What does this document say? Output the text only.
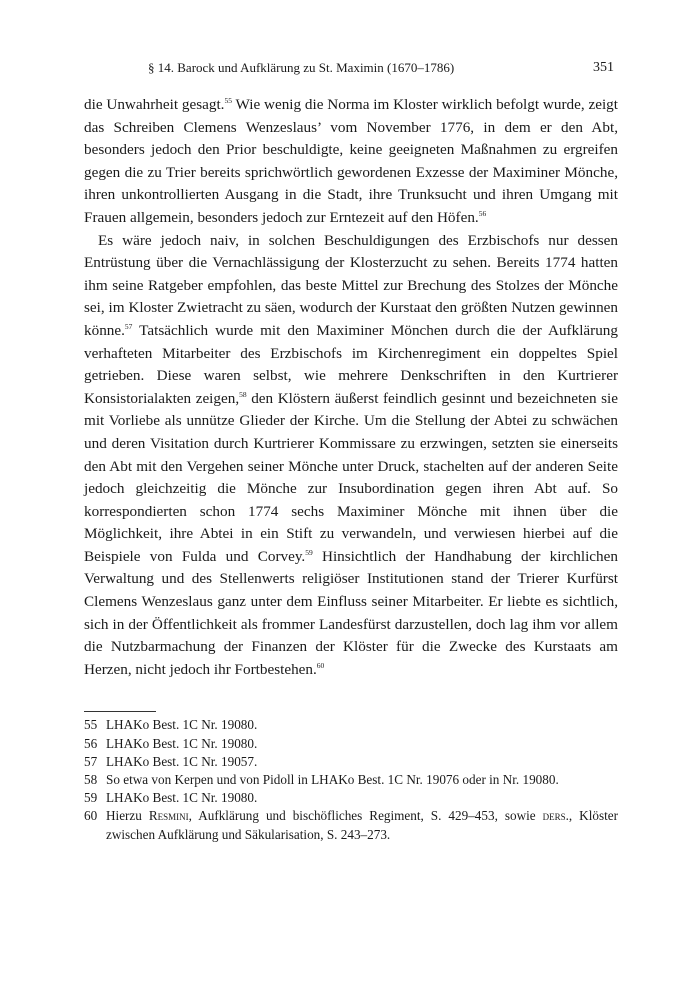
§ 14. Barock und Aufklärung zu St. Maximin (1670–1786)	351

die Unwahrheit gesagt.$^{55}$ Wie wenig die Norma im Kloster wirklich befolgt wurde, zeigt das Schreiben Clemens Wenzeslaus’ vom November 1776, in dem er den Abt, besonders jedoch den Prior beschuldigte, keine geeigneten Maßnahmen zu ergreifen gegen die zu Trier bereits sprichwörtlich gewordenen Exzesse der Maximiner Mönche, ihren unkontrollierten Ausgang in die Stadt, ihre Trunksucht und ihren Umgang mit Frauen allgemein, besonders jedoch zur Erntezeit auf den Höfen.$^{56}$

Es wäre jedoch naiv, in solchen Beschuldigungen des Erzbischofs nur dessen Entrüstung über die Vernachlässigung der Klosterzucht zu sehen. Bereits 1774 hatten ihm seine Ratgeber empfohlen, das beste Mittel zur Brechung des Stolzes der Mönche sei, im Kloster Zwietracht zu säen, wodurch der Kurstaat den größten Nutzen gewinnen könne.$^{57}$ Tatsächlich wurde mit den Maximiner Mönchen durch die der Aufklärung verhafteten Mitarbeiter des Erzbischofs im Kirchenregiment ein doppeltes Spiel getrieben. Diese waren selbst, wie mehrere Denkschriften in den Kurtrierer Konsistorialakten zeigen,$^{58}$ den Klöstern äußerst feindlich gesinnt und bezeichneten sie mit Vorliebe als unnütze Glieder der Kirche. Um die Stellung der Abtei zu schwächen und deren Visitation durch Kurtrierer Kommissare zu erzwingen, setzten sie einerseits den Abt mit den Vergehen seiner Mönche unter Druck, stachelten auf der anderen Seite jedoch gleichzeitig die Mönche zur Insubordination gegen ihren Abt auf. So korrespondierten schon 1774 sechs Maximiner Mönche mit ihnen über die Möglichkeit, ihre Abtei in ein Stift zu verwandeln, und verwiesen hierbei auf die Beispiele von Fulda und Corvey.$^{59}$ Hinsichtlich der Handhabung der kirchlichen Verwaltung und des Stellenwerts religiöser Institutionen stand der Trierer Kurfürst Clemens Wenzeslaus ganz unter dem Einfluss seiner Mitarbeiter. Er liebte es sichtlich, sich in der Öffentlichkeit als frommer Landesfürst darzustellen, doch lag ihm vor allem die Nutzbarmachung der Finanzen der Klöster für die Zwecke des Kurstaats am Herzen, nicht jedoch ihr Fortbestehen.$^{60}$

55 LHAKo Best. 1C Nr. 19080.
56 LHAKo Best. 1C Nr. 19080.
57 LHAKo Best. 1C Nr. 19057.
58 So etwa von Kerpen und von Pidoll in LHAKo Best. 1C Nr. 19076 oder in Nr. 19080.
59 LHAKo Best. 1C Nr. 19080.
60 Hierzu Resmini, Aufklärung und bischöfliches Regiment, S. 429–453, sowie ders., Klöster zwischen Aufklärung und Säkularisation, S. 243–273.
